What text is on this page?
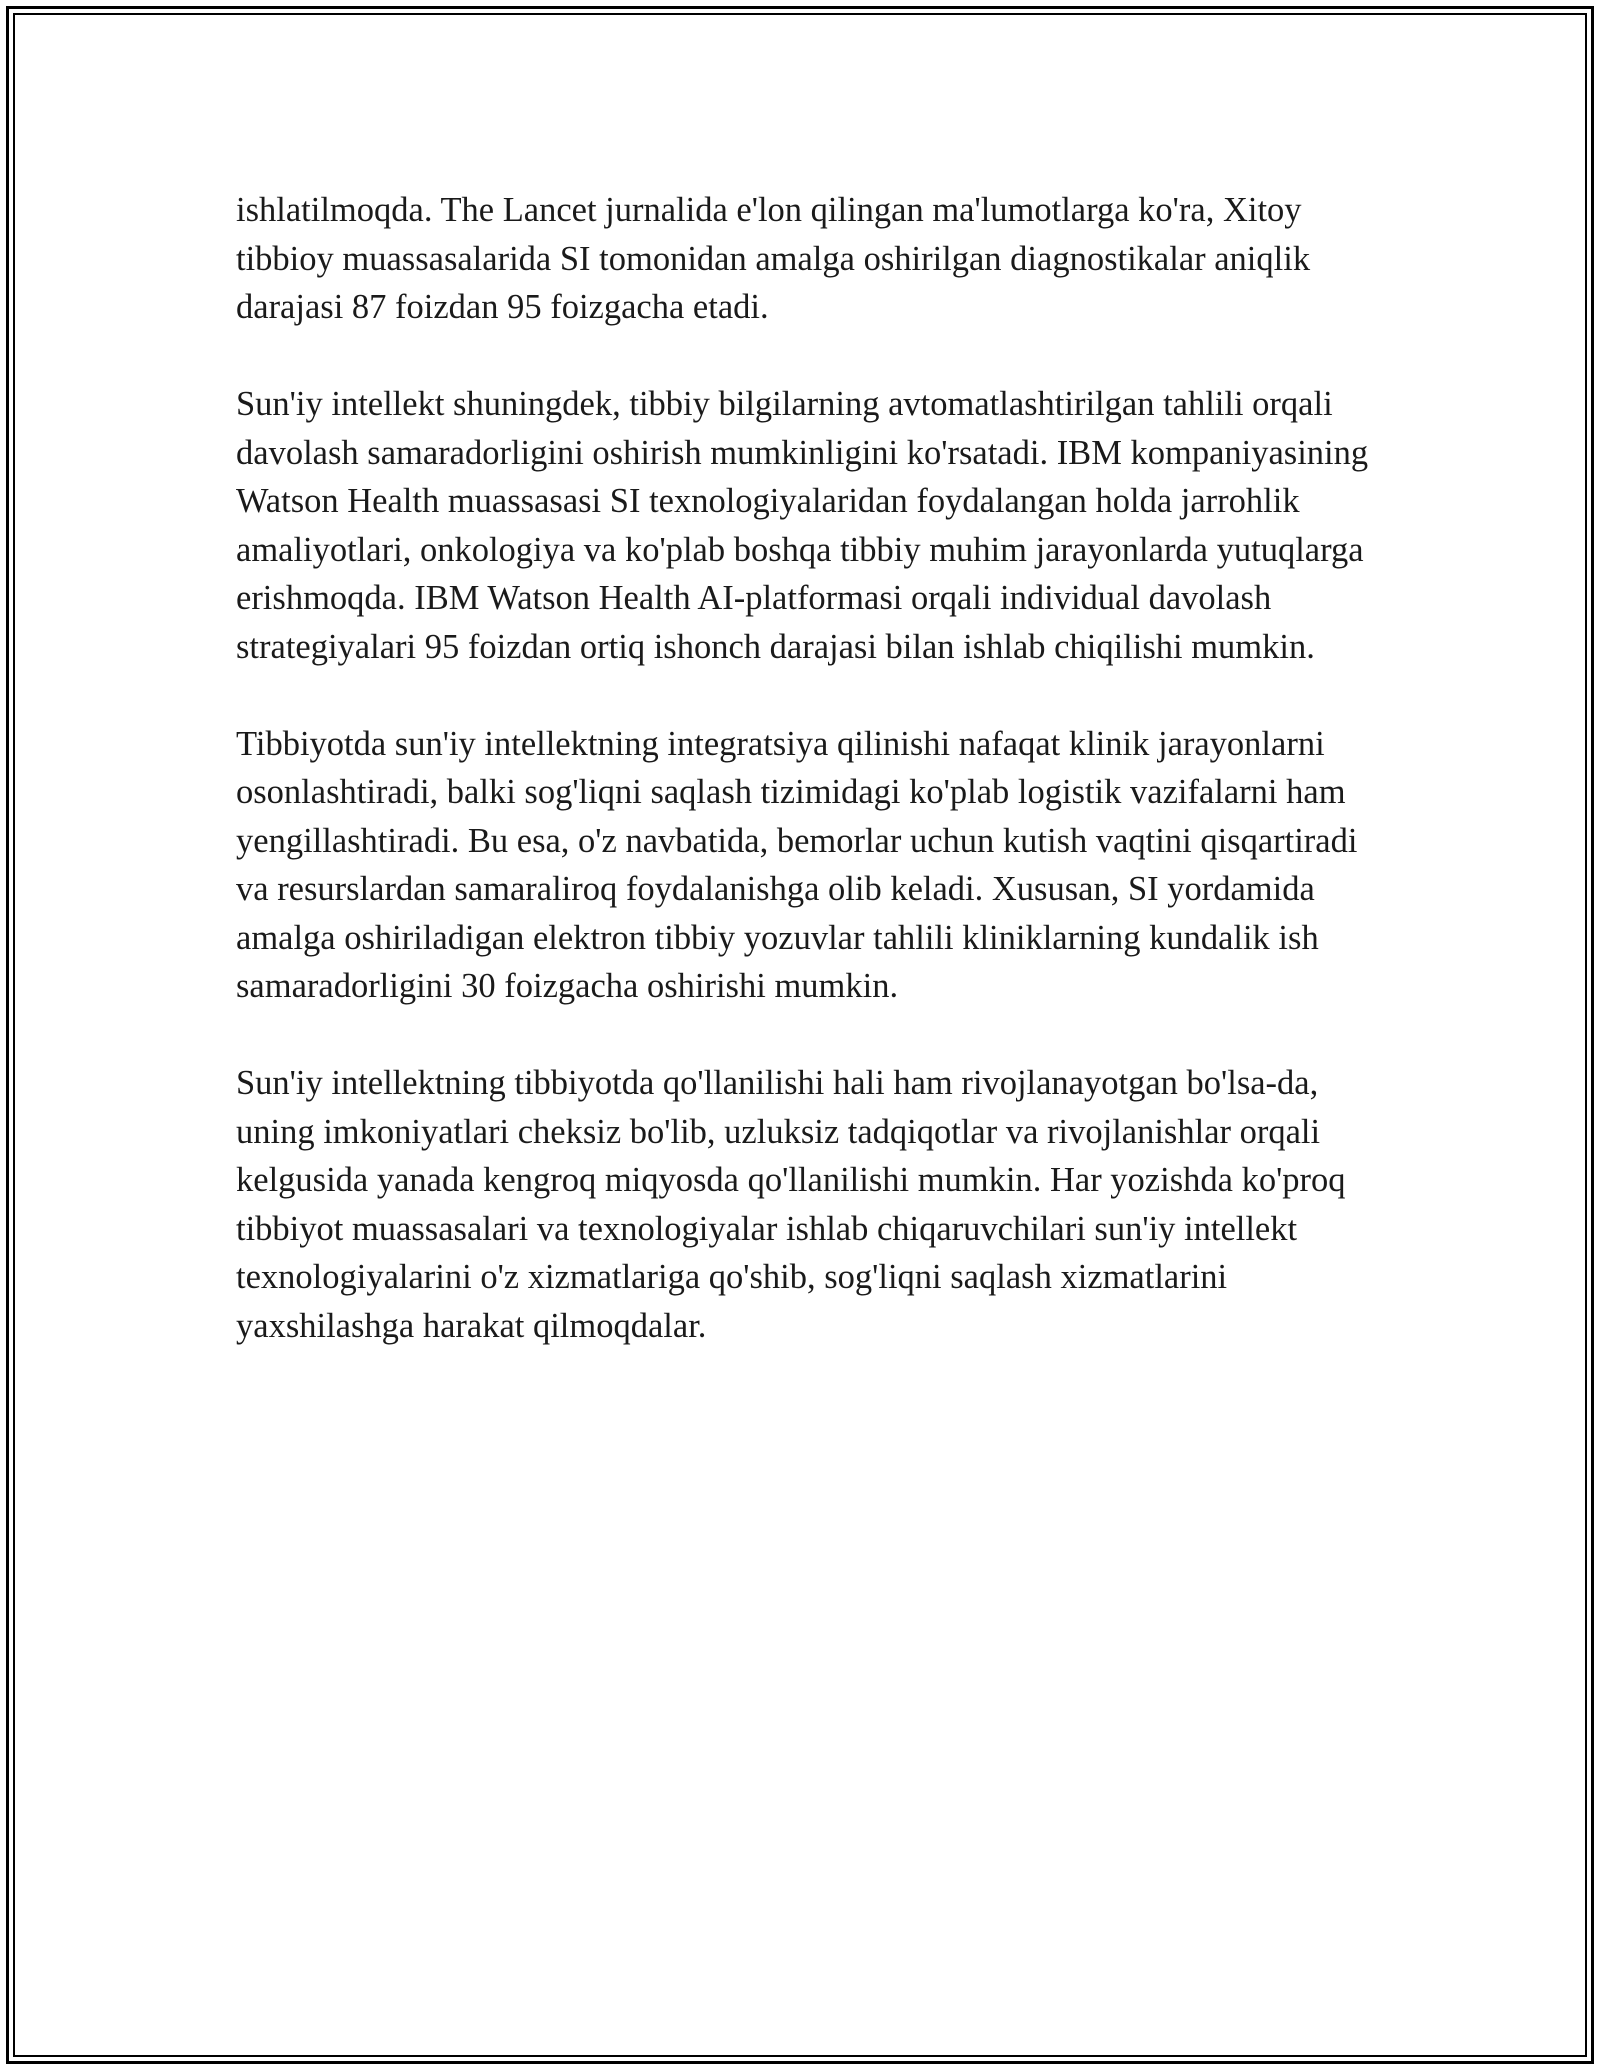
ishlatilmoqda. The Lancet jurnalida e'lon qilingan ma'lumotlarga ko'ra, Xitoy tibbioy muassasalarida SI tomonidan amalga oshirilgan diagnostikalar aniqlik darajasi 87 foizdan 95 foizgacha etadi.

Sun'iy intellekt shuningdek, tibbiy bilgilarning avtomatlashtirilgan tahlili orqali davolash samaradorligini oshirish mumkinligini ko'rsatadi. IBM kompaniyasining Watson Health muassasasi SI texnologiyalaridan foydalangan holda jarrohlik amaliyotlari, onkologiya va ko'plab boshqa tibbiy muhim jarayonlarda yutuqlarga erishmoqda. IBM Watson Health AI-platformasi orqali individual davolash strategiyalari 95 foizdan ortiq ishonch darajasi bilan ishlab chiqilishi mumkin.

Tibbiyotda sun'iy intellektning integratsiya qilinishi nafaqat klinik jarayonlarni osonlashtiradi, balki sog'liqni saqlash tizimidagi ko'plab logistik vazifalarni ham yengillashtiradi. Bu esa, o'z navbatida, bemorlar uchun kutish vaqtini qisqartiradi va resurslardan samaraliroq foydalanishga olib keladi. Xususan, SI yordamida amalga oshiriladigan elektron tibbiy yozuvlar tahlili kliniklarning kundalik ish samaradorligini 30 foizgacha oshirishi mumkin.

Sun'iy intellektning tibbiyotda qo'llanilishi hali ham rivojlanayotgan bo'lsa-da, uning imkoniyatlari cheksiz bo'lib, uzluksiz tadqiqotlar va rivojlanishlar orqali kelgusida yanada kengroq miqyosda qo'llanilishi mumkin. Har yozishda ko'proq tibbiyot muassasalari va texnologiyalar ishlab chiqaruvchilari sun'iy intellekt texnologiyalarini o'z xizmatlariga qo'shib, sog'liqni saqlash xizmatlarini yaxshilashga harakat qilmoqdalar.
